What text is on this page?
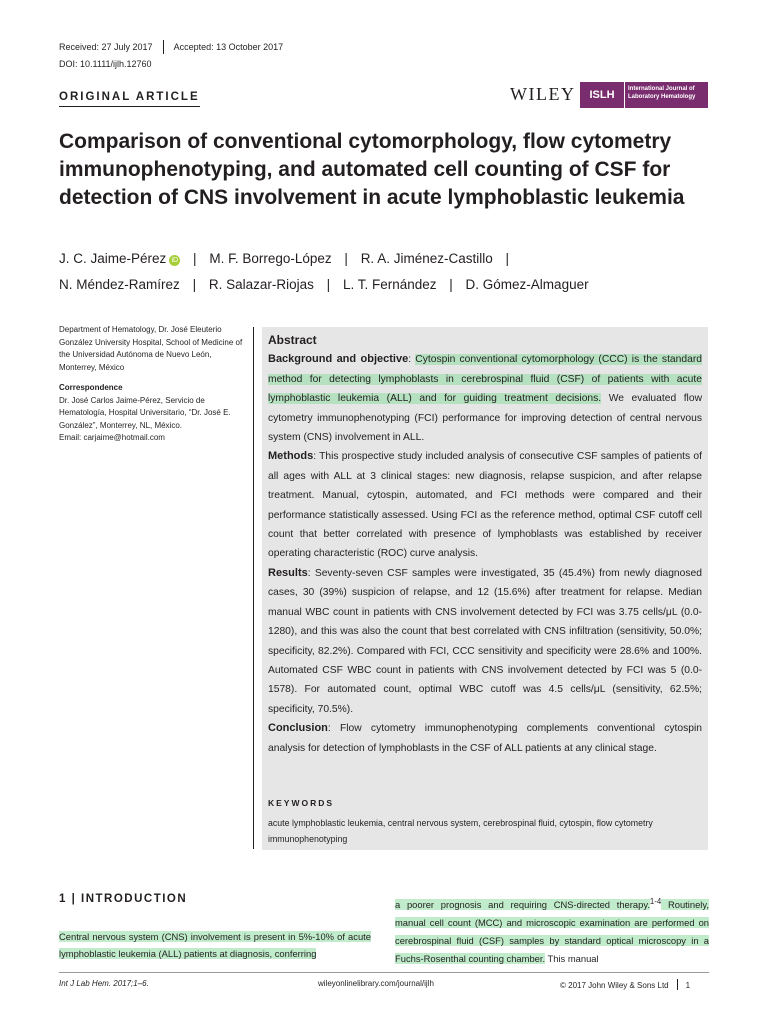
Received: 27 July 2017 Accepted: 13 October 2017
DOI: 10.1111/ijlh.12760
ORIGINAL ARTICLE	WILEY	ISLH	International Journal of Laboratory Hematology
Comparison of conventional cytomorphology, flow cytometry immunophenotyping, and automated cell counting of CSF for detection of CNS involvement in acute lymphoblastic leukemia
J. C. Jaime-Pérez iD | M. F. Borrego-López | R. A. Jiménez-Castillo |
N. Méndez-Ramírez | R. Salazar-Riojas | L. T. Fernández | D. Gómez-Almaguer
Department of Hematology, Dr. José Eleuterio González University Hospital, School of Medicine of the Universidad Autónoma de Nuevo León, Monterrey, México
Correspondence
Dr. José Carlos Jaime-Pérez, Servicio de Hematología, Hospital Universitario, “Dr. José E. González”, Monterrey, NL, México.
Email: carjaime@hotmail.com
Abstract
Background and objective: Cytospin conventional cytomorphology (CCC) is the standard method for detecting lymphoblasts in cerebrospinal fluid (CSF) of patients with acute lymphoblastic leukemia (ALL) and for guiding treatment decisions. We evaluated flow cytometry immunophenotyping (FCI) performance for improving detection of central nervous system (CNS) involvement in ALL.
Methods: This prospective study included analysis of consecutive CSF samples of patients of all ages with ALL at 3 clinical stages: new diagnosis, relapse suspicion, and after relapse treatment. Manual, cytospin, automated, and FCI methods were compared and their performance statistically assessed. Using FCI as the reference method, optimal CSF cutoff cell count that better correlated with presence of lymphoblasts was established by receiver operating characteristic (ROC) curve analysis.
Results: Seventy-seven CSF samples were investigated, 35 (45.4%) from newly diagnosed cases, 30 (39%) suspicion of relapse, and 12 (15.6%) after treatment for relapse. Median manual WBC count in patients with CNS involvement detected by FCI was 3.75 cells/μL (0.0-1280), and this was also the count that best correlated with CNS infiltration (sensitivity, 50.0%; specificity, 82.2%). Compared with FCI, CCC sensitivity and specificity were 28.6% and 100%. Automated CSF WBC count in patients with CNS involvement detected by FCI was 5 (0.0-1578). For automated count, optimal WBC cutoff was 4.5 cells/μL (sensitivity, 62.5%; specificity, 70.5%).
Conclusion: Flow cytometry immunophenotyping complements conventional cytospin analysis for detection of lymphoblasts in the CSF of ALL patients at any clinical stage.
KEYWORDS
acute lymphoblastic leukemia, central nervous system, cerebrospinal fluid, cytospin, flow cytometry immunophenotyping
1 | INTRODUCTION
Central nervous system (CNS) involvement is present in 5%-10% of acute lymphoblastic leukemia (ALL) patients at diagnosis, conferring
a poorer prognosis and requiring CNS-directed therapy.$^{1-4}$ Routinely, manual cell count (MCC) and microscopic examination are performed on cerebrospinal fluid (CSF) samples by standard optical microscopy in a Fuchs-Rosenthal counting chamber. This manual
Int J Lab Hem. 2017;1–6.	wileyonlinelibrary.com/journal/ijlh	© 2017 John Wiley & Sons Ltd 1
